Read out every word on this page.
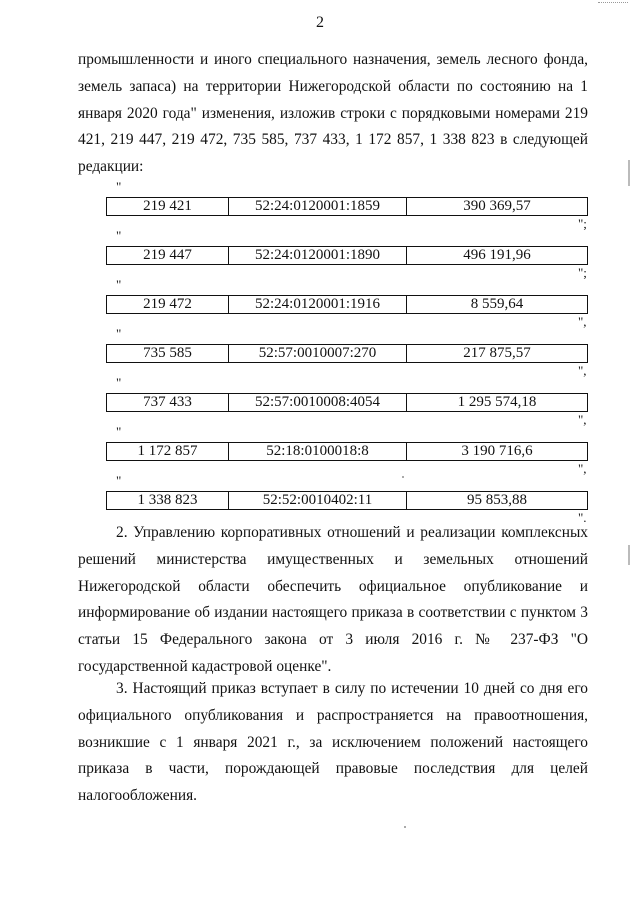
2
промышленности и иного специального назначения, земель лесного фонда, земель запаса) на территории Нижегородской области по состоянию на 1 января 2020 года" изменения, изложив строки с порядковыми номерами 219 421, 219 447, 219 472, 735 585, 737 433, 1 172 857, 1 338 823 в следующей редакции:
"
219 421	52:24:0120001:1859	390 369,57
";
"
219 447	52:24:0120001:1890	496 191,96
";
"
219 472	52:24:0120001:1916	8 559,64
",
"
735 585	52:57:0010007:270	217 875,57
",
"
737 433	52:57:0010008:4054	1 295 574,18
",
"
1 172 857	52:18:0100018:8	3 190 716,6
",
"
1 338 823	52:52:0010402:11	95 853,88
".
2. Управлению корпоративных отношений и реализации комплексных решений министерства имущественных и земельных отношений Нижегородской области обеспечить официальное опубликование и информирование об издании настоящего приказа в соответствии с пунктом 3 статьи 15 Федерального закона от 3 июля 2016 г. № 237-ФЗ "О государственной кадастровой оценке".
3. Настоящий приказ вступает в силу по истечении 10 дней со дня его официального опубликования и распространяется на правоотношения, возникшие с 1 января 2021 г., за исключением положений настоящего приказа в части, порождающей правовые последствия для целей налогообложения.
